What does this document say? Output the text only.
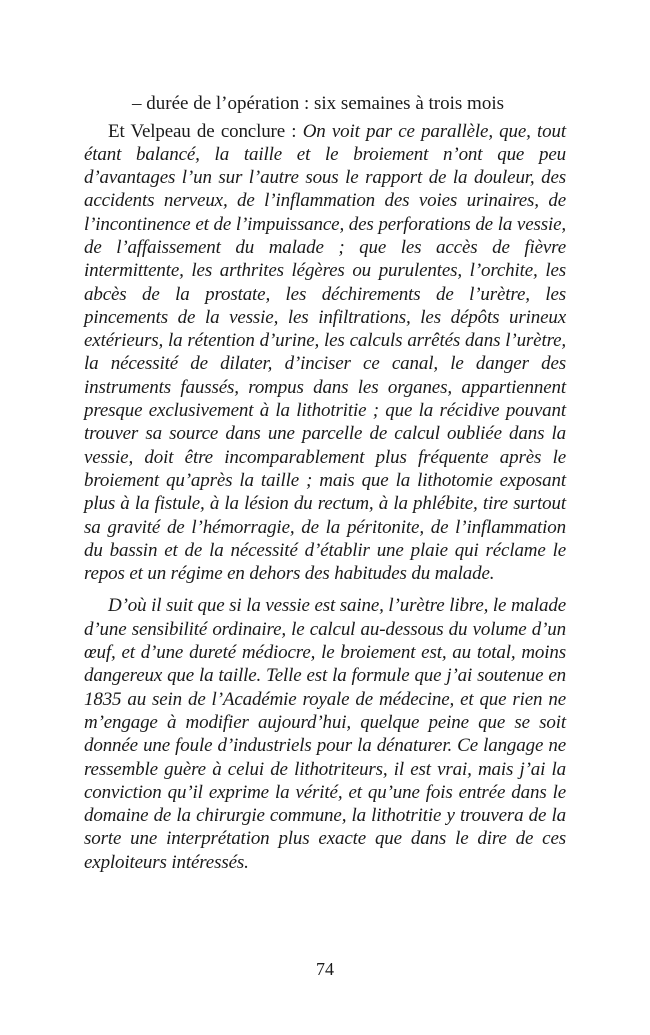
– durée de l’opération : six semaines à trois mois

Et Velpeau de conclure : On voit par ce parallèle, que, tout étant balancé, la taille et le broiement n’ont que peu d’avantages l’un sur l’autre sous le rapport de la douleur, des accidents nerveux, de l’inflammation des voies urinaires, de l’incontinence et de l’impuissance, des perforations de la vessie, de l’affaissement du malade ; que les accès de fièvre intermittente, les arthrites légères ou purulentes, l’orchite, les abcès de la prostate, les déchirements de l’urètre, les pincements de la vessie, les infiltrations, les dépôts urineux extérieurs, la rétention d’urine, les calculs arrêtés dans l’urètre, la nécessité de dilater, d’inciser ce canal, le danger des instruments faussés, rompus dans les organes, appartiennent presque exclusivement à la lithotritie ; que la récidive pouvant trouver sa source dans une parcelle de calcul oubliée dans la vessie, doit être incomparablement plus fréquente après le broiement qu’après la taille ; mais que la lithotomie exposant plus à la fistule, à la lésion du rectum, à la phlébite, tire surtout sa gravité de l’hémorragie, de la péritonite, de l’inflammation du bassin et de la nécessité d’établir une plaie qui réclame le repos et un régime en dehors des habitudes du malade.

D’où il suit que si la vessie est saine, l’urètre libre, le malade d’une sensibilité ordinaire, le calcul au-dessous du volume d’un œuf, et d’une dureté médiocre, le broiement est, au total, moins dangereux que la taille. Telle est la formule que j’ai soutenue en 1835 au sein de l’Académie royale de médecine, et que rien ne m’engage à modifier aujourd’hui, quelque peine que se soit donnée une foule d’industriels pour la dénaturer. Ce langage ne ressemble guère à celui de lithotriteurs, il est vrai, mais j’ai la conviction qu’il exprime la vérité, et qu’une fois entrée dans le domaine de la chirurgie commune, la lithotritie y trouvera de la sorte une interprétation plus exacte que dans le dire de ces exploiteurs intéressés.

74
